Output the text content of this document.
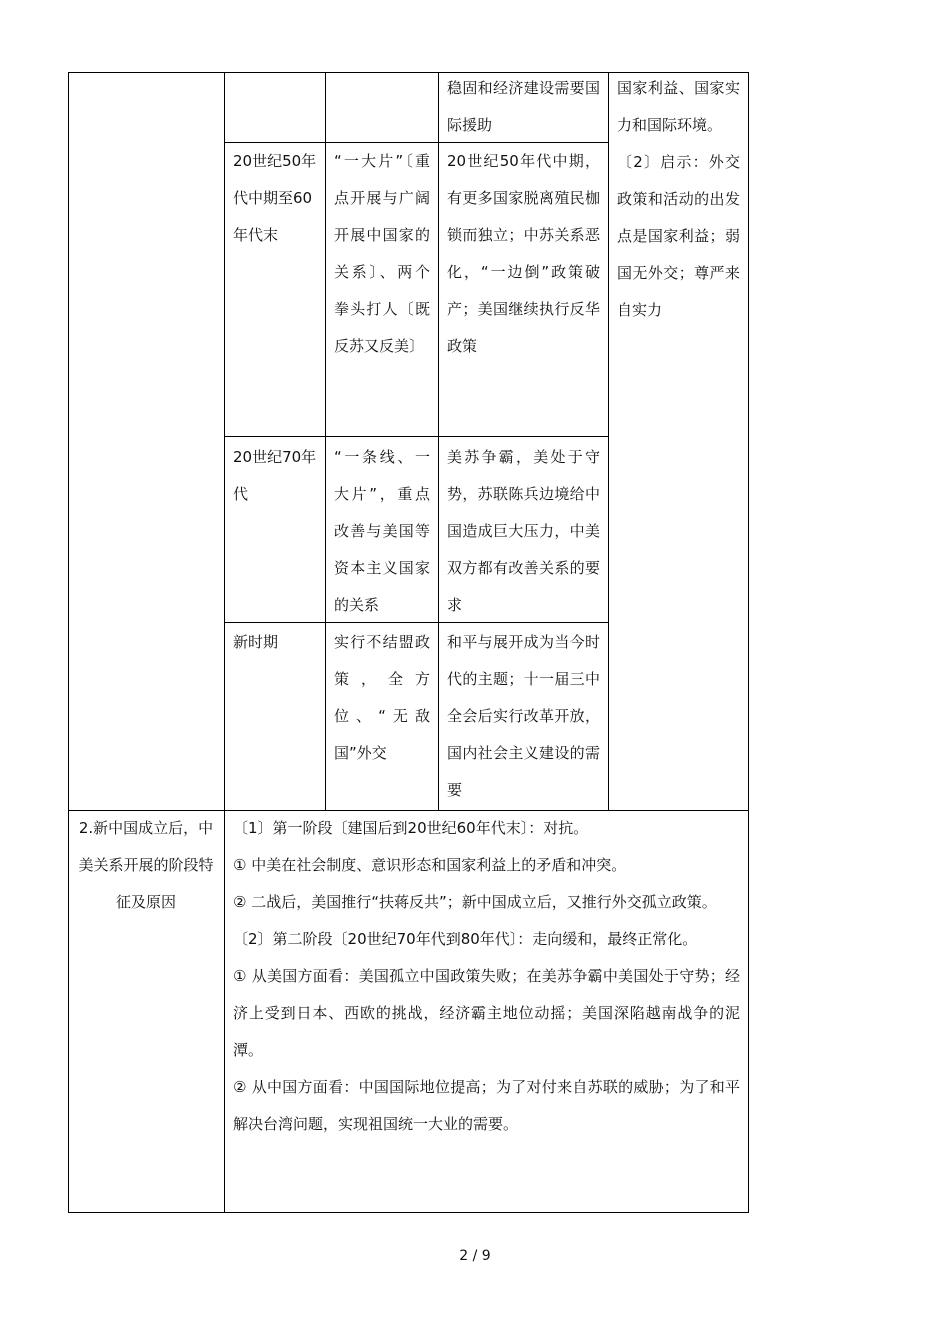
稳固和经济建设需要国际援助
国家利益、国家实力和国际环境。
〔2〕启示：外交政策和活动的出发点是国家利益；弱国无外交；尊严来自实力
20世纪50年代中期至60年代末
“一大片”〔重点开展与广阔开展中国家的关系〕、两个拳头打人〔既反苏又反美〕
20世纪50年代中期，有更多国家脱离殖民枷锁而独立；中苏关系恶化，“一边倒”政策破产；美国继续执行反华政策
20世纪70年代
“一条线、一大片”，重点改善与美国等资本主义国家的关系
美苏争霸，美处于守势，苏联陈兵边境给中国造成巨大压力，中美双方都有改善关系的要求
新时期	实行不结盟政策，全方位、“无敌国”外交
和平与展开成为当今时代的主题；十一届三中全会后实行改革开放，国内社会主义建设的需要
2.新中国成立后，中美关系开展的阶段特征及原因
〔1〕第一阶段〔建国后到20世纪60年代末〕：对抗。
① 中美在社会制度、意识形态和国家利益上的矛盾和冲突。
② 二战后，美国推行“扶蒋反共”；新中国成立后，又推行外交孤立政策。
〔2〕第二阶段〔20世纪70年代到80年代〕：走向缓和，最终正常化。
① 从美国方面看：美国孤立中国政策失败；在美苏争霸中美国处于守势；经济上受到日本、西欧的挑战，经济霸主地位动摇；美国深陷越南战争的泥潭。
② 从中国方面看：中国国际地位提高；为了对付来自苏联的威胁；为了和平解决台湾问题，实现祖国统一大业的需要。
2 / 9
